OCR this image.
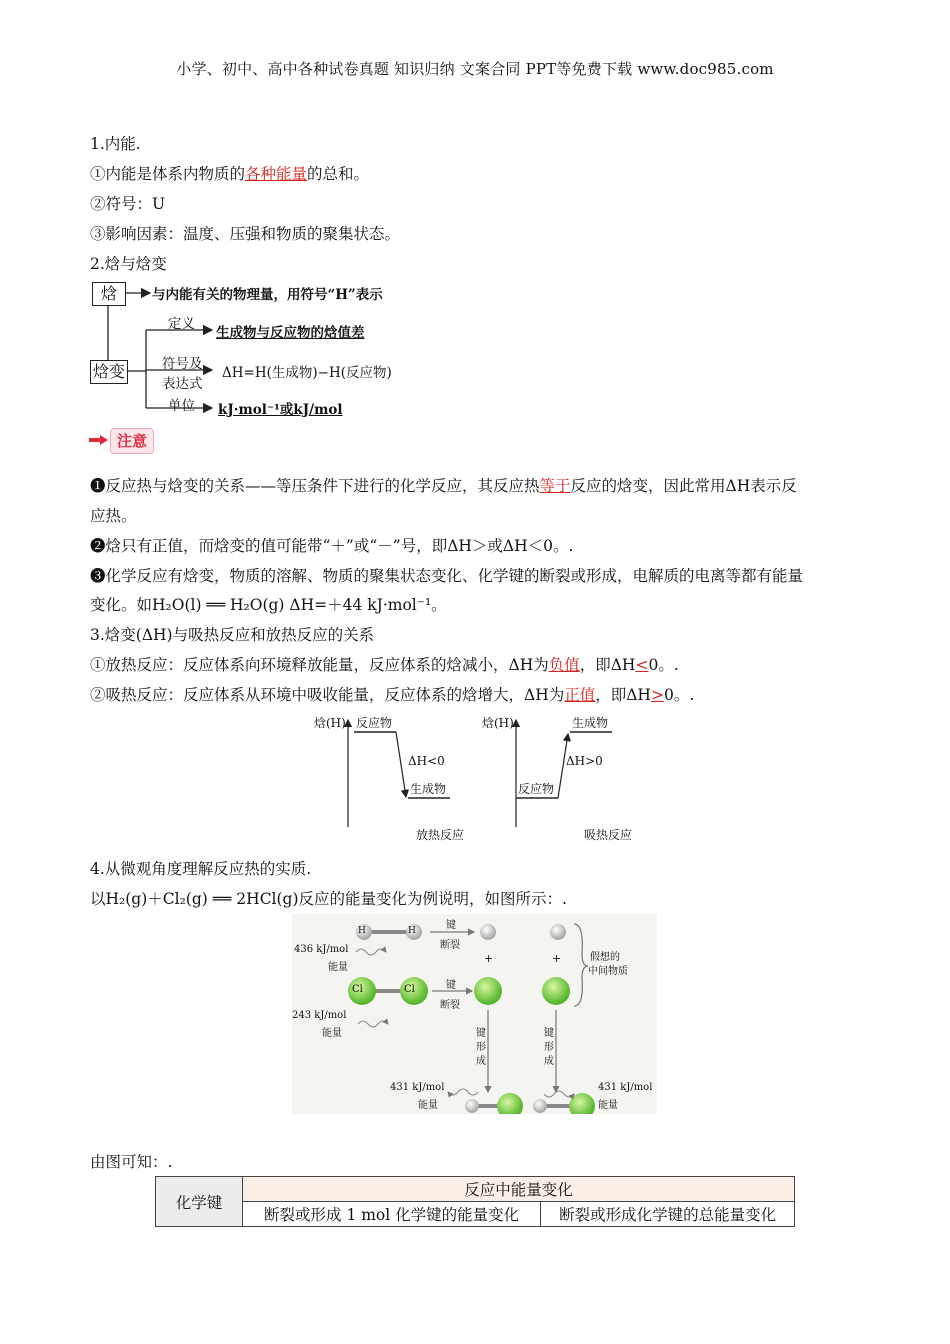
小学、初中、高中各种试卷真题 知识归纳 文案合同 PPT等免费下载 www.doc985.com
1.内能.
①内能是体系内物质的各种能量的总和。
②符号：U
③影响因素：温度、压强和物质的聚集状态。
2.焓与焓变
焓
焓变
与内能有关的物理量，用符号“H”表示
定义
生成物与反应物的焓值差
符号及
表达式
ΔH=H(生成物)−H(反应物)
单位 kJ·mol⁻¹或kJ/mol
注意
❶反应热与焓变的关系——等压条件下进行的化学反应，其反应热等于反应的焓变，因此常用ΔH表示反
应热。
❷焓只有正值，而焓变的值可能带“＋”或“－”号，即ΔH＞或ΔH＜0。.
❸化学反应有焓变，物质的溶解、物质的聚集状态变化、化学键的断裂或形成，电解质的电离等都有能量
变化。如H₂O(l) ══ H₂O(g) ΔH=＋44 kJ·mol⁻¹。
3.焓变(ΔH)与吸热反应和放热反应的关系
①放热反应：反应体系向环境释放能量，反应体系的焓减小，ΔH为负值，即ΔH<0。.
②吸热反应：反应体系从环境中吸收能量，反应体系的焓增大，ΔH为正值，即ΔH>0。.
焓(H) 反应物
ΔH<0
生成物
放热反应
焓(H)	生成物
ΔH>0
反应物
吸热反应
4.从微观角度理解反应热的实质.
以H₂(g)＋Cl₂(g) ══ 2HCl(g)反应的能量变化为例说明，如图所示：.
H	H
Cl	Cl
436 kJ/mol
能量
243 kJ/mol
能量
键
断裂
键
断裂
+	+	假想的
中间物质
键
形
成
键
形
成
431 kJ/mol
能量
431 kJ/mol
能量
由图可知：.
化学键	反应中能量变化	
	断裂或形成 1 mol 化学键的能量变化	断裂或形成化学键的总能量变化
